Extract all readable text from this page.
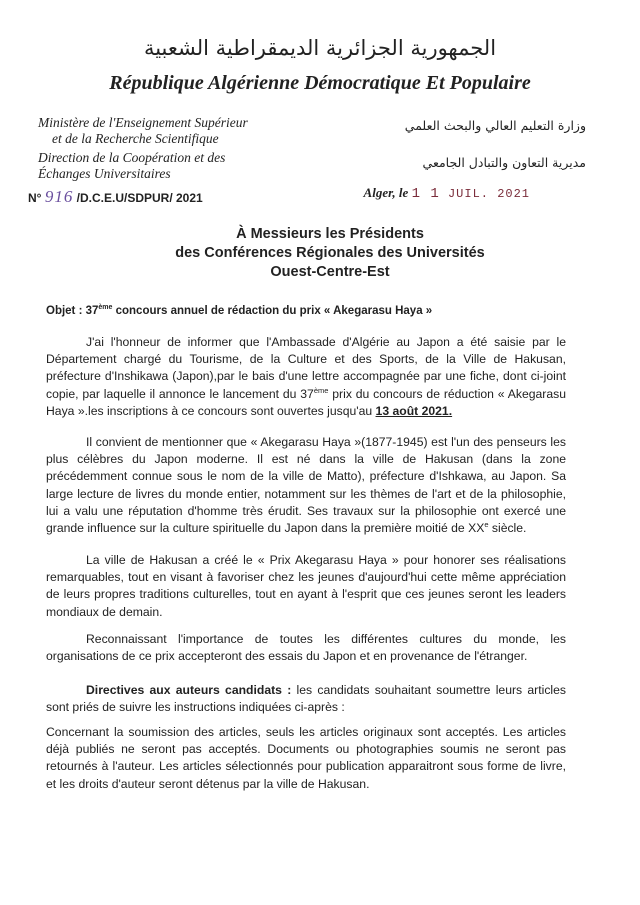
الجمهورية الجزائرية الديمقراطية الشعبية
République Algérienne Démocratique Et Populaire
Ministère de l'Enseignement Supérieur
et de la Recherche Scientifique
Direction de la Coopération et des
Échanges Universitaires
وزارة التعليم العالي والبحث العلمي
مديرية التعاون والتبادل الجامعي
N° 916 /D.C.E.U/SDPUR/ 2021	Alger, le 1 1 JUIL. 2021
À Messieurs les Présidents
des Conférences Régionales des Universités
Ouest-Centre-Est
Objet : 37ème concours annuel de rédaction du prix « Akegarasu Haya »
J'ai l'honneur de informer que l'Ambassade d'Algérie au Japon a été saisie par le Département chargé du Tourisme, de la Culture et des Sports, de la Ville de Hakusan, préfecture d'Inshikawa (Japon),par le bais d'une lettre accompagnée par une fiche, dont ci-joint copie, par laquelle il annonce le lancement du 37ème prix du concours de réduction « Akegarasu Haya ».les inscriptions à ce concours sont ouvertes jusqu'au 13 août 2021.
Il convient de mentionner que « Akegarasu Haya »(1877-1945) est l'un des penseurs les plus célèbres du Japon moderne. Il est né dans la ville de Hakusan (dans la zone précédemment connue sous le nom de la ville de Matto), préfecture d'Ishkawa, au Japon. Sa large lecture de livres du monde entier, notamment sur les thèmes de l'art et de la philosophie, lui a valu une réputation d'homme très érudit. Ses travaux sur la philosophie ont exercé une grande influence sur la culture spirituelle du Japon dans la première moitié de XXe siècle.
La ville de Hakusan a créé le « Prix Akegarasu Haya » pour honorer ses réalisations remarquables, tout en visant à favoriser chez les jeunes d'aujourd'hui cette même appréciation de leurs propres traditions culturelles, tout en ayant à l'esprit que ces jeunes seront les leaders mondiaux de demain.
Reconnaissant l'importance de toutes les différentes cultures du monde, les organisations de ce prix accepteront des essais du Japon et en provenance de l'étranger.
Directives aux auteurs candidats : les candidats souhaitant soumettre leurs articles sont priés de suivre les instructions indiquées ci-après :
Concernant la soumission des articles, seuls les articles originaux sont acceptés. Les articles déjà publiés ne seront pas acceptés. Documents ou photographies soumis ne seront pas retournés à l'auteur. Les articles sélectionnés pour publication apparaitront sous forme de livre, et les droits d'auteur seront détenus par la ville de Hakusan.
